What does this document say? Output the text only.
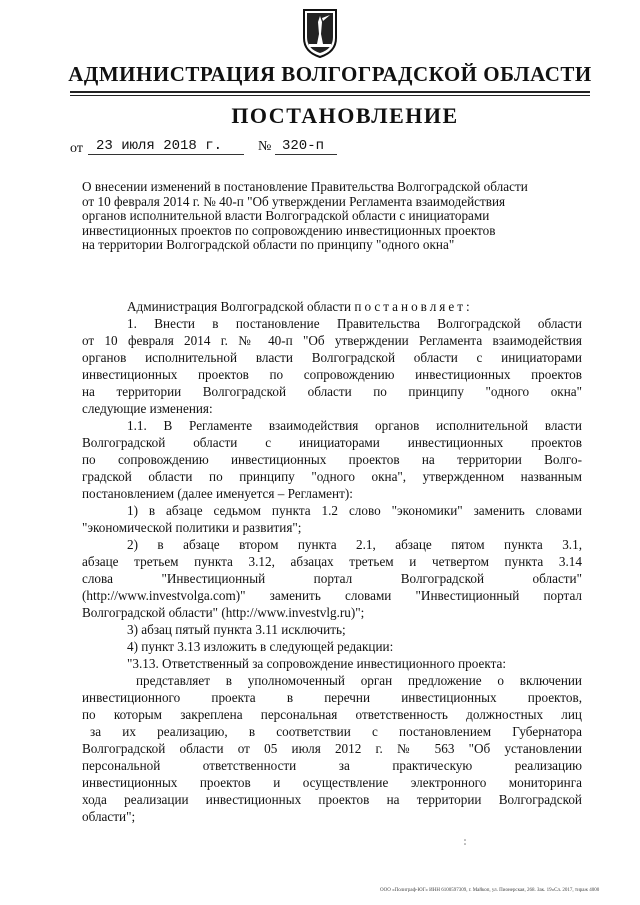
АДМИНИСТРАЦИЯ ВОЛГОГРАДСКОЙ ОБЛАСТИ
ПОСТАНОВЛЕНИЕ
от 23 июля 2018 г.	№ 320-п
О внесении изменений в постановление Правительства Волгоградской области
от 10 февраля 2014 г. № 40-п "Об утверждении Регламента взаимодействия
органов исполнительной власти Волгоградской области с инициаторами
инвестиционных проектов по сопровождению инвестиционных проектов
на территории Волгоградской области по принципу "одного окна"
Администрация Волгоградской области постановляет:
1. Внести в постановление Правительства Волгоградской области
от 10 февраля 2014 г. № 40-п "Об утверждении Регламента взаимодействия
органов исполнительной власти Волгоградской области с инициаторами
инвестиционных проектов по сопровождению инвестиционных проектов
на территории Волгоградской области по принципу "одного окна"
следующие изменения:
1.1. В Регламенте взаимодействия органов исполнительной власти
Волгоградской области с инициаторами инвестиционных проектов
по сопровождению инвестиционных проектов на территории Волго-
градской области по принципу "одного окна", утвержденном названным
постановлением (далее именуется – Регламент):
1) в абзаце седьмом пункта 1.2 слово "экономики" заменить словами
"экономической политики и развития";
2) в абзаце втором пункта 2.1, абзаце пятом пункта 3.1,
абзаце третьем пункта 3.12, абзацах третьем и четвертом пункта 3.14
слова "Инвестиционный портал Волгоградской области"
(http://www.investvolga.com)" заменить словами "Инвестиционный портал
Волгоградской области" (http://www.investvlg.ru)";
3) абзац пятый пункта 3.11 исключить;
4) пункт 3.13 изложить в следующей редакции:
"3.13. Ответственный за сопровождение инвестиционного проекта:
представляет в уполномоченный орган предложение о включении
инвестиционного проекта в перечни инвестиционных проектов,
по которым закреплена персональная ответственность должностных лиц
за их реализацию, в соответствии с постановлением Губернатора
Волгоградской области от 05 июля 2012 г. № 563 "Об установлении
персональной ответственности за практическую реализацию
инвестиционных проектов и осуществление электронного мониторинга
хода реализации инвестиционных проектов на территории Волгоградской
области";
ООО «Полиграф-ЮГ» ИНН 6100597309, г. Майкоп, ул. Пионерская, 268. Зак. 19«Сл. 2017, тираж 4000
